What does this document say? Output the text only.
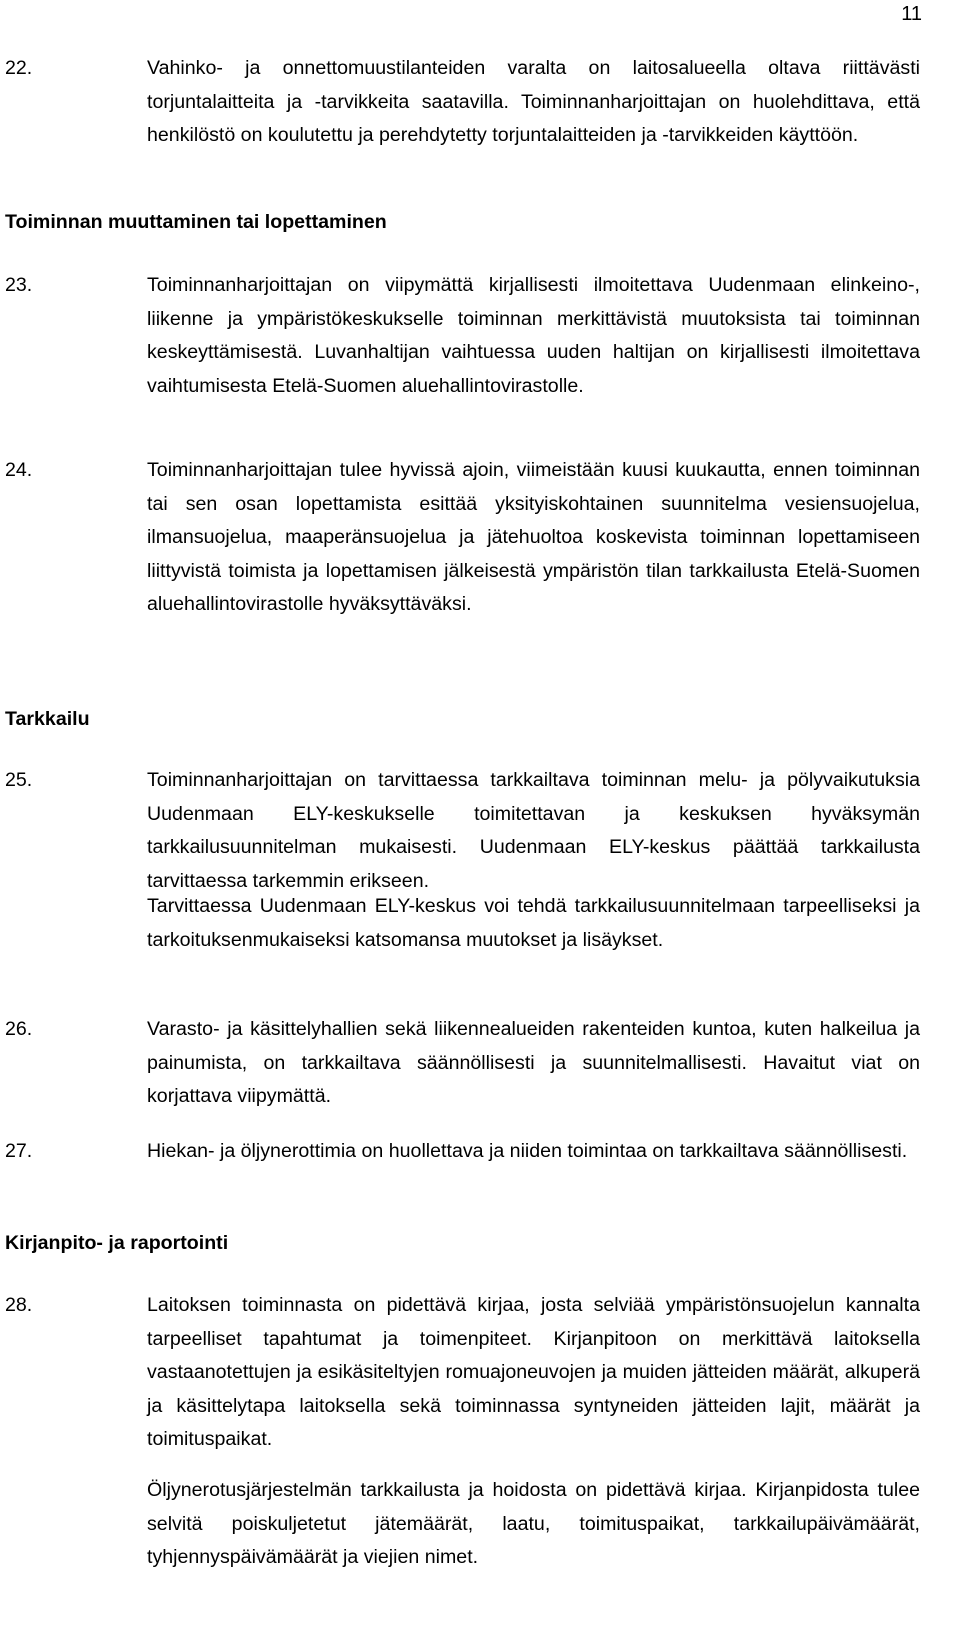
11
22.	Vahinko- ja onnettomuustilanteiden varalta on laitosalueella oltava riittävästi torjuntalaitteita ja -tarvikkeita saatavilla. Toiminnanharjoittajan on huolehdittava, että henkilöstö on koulutettu ja perehdytetty torjuntalaitteiden ja -tarvikkeiden käyttöön.
Toiminnan muuttaminen tai lopettaminen
23.	Toiminnanharjoittajan on viipymättä kirjallisesti ilmoitettava Uudenmaan elinkeino-, liikenne ja ympäristökeskukselle toiminnan merkittävistä muutoksista tai toiminnan keskeyttämisestä. Luvanhaltijan vaihtuessa uuden haltijan on kirjallisesti ilmoitettava vaihtumisesta Etelä-Suomen aluehallintovirastolle.
24.	Toiminnanharjoittajan tulee hyvissä ajoin, viimeistään kuusi kuukautta, ennen toiminnan tai sen osan lopettamista esittää yksityiskohtainen suunnitelma vesiensuojelua, ilmansuojelua, maaperänsuojelua ja jätehuoltoa koskevista toiminnan lopettamiseen liittyvistä toimista ja lopettamisen jälkeisestä ympäristön tilan tarkkailusta Etelä-Suomen aluehallintovirastolle hyväksyttäväksi.
Tarkkailu
25.	Toiminnanharjoittajan on tarvittaessa tarkkailtava toiminnan melu- ja pölyvaikutuksia Uudenmaan ELY-keskukselle toimitettavan ja keskuksen hyväksymän tarkkailusuunnitelman mukaisesti. Uudenmaan ELY-keskus päättää tarkkailusta tarvittaessa tarkemmin erikseen.
Tarvittaessa Uudenmaan ELY-keskus voi tehdä tarkkailusuunnitelmaan tarpeelliseksi ja tarkoituksenmukaiseksi katsomansa muutokset ja lisäykset.
26.	Varasto- ja käsittelyhallien sekä liikennealueiden rakenteiden kuntoa, kuten halkeilua ja painumista, on tarkkailtava säännöllisesti ja suunnitelmallisesti. Havaitut viat on korjattava viipymättä.
27.	Hiekan- ja öljynerottimia on huollettava ja niiden toimintaa on tarkkailtava säännöllisesti.
Kirjanpito- ja raportointi
28.	Laitoksen toiminnasta on pidettävä kirjaa, josta selviää ympäristönsuojelun kannalta tarpeelliset tapahtumat ja toimenpiteet. Kirjanpitoon on merkittävä laitoksella vastaanotettujen ja esikäsiteltyjen romuajoneuvojen ja muiden jätteiden määrät, alkuperä ja käsittelytapa laitoksella sekä toiminnassa syntyneiden jätteiden lajit, määrät ja toimituspaikat.
Öljynerotusjärjestelmän tarkkailusta ja hoidosta on pidettävä kirjaa. Kirjanpidosta tulee selvitä poiskuljetetut jätemäärät, laatu, toimituspaikat, tarkkailupäivämäärät, tyhjennyspäivämäärät ja viejien nimet.
